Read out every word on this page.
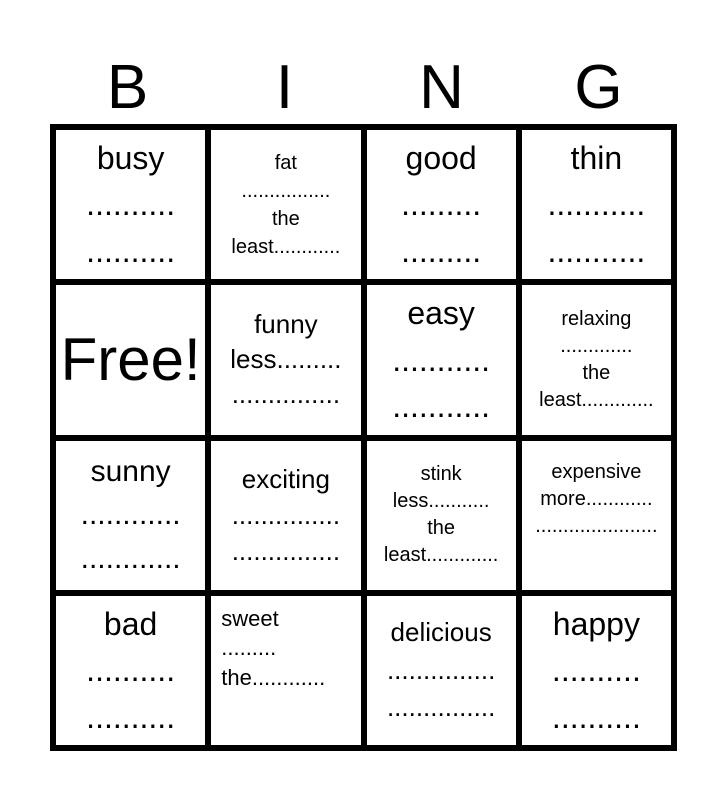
B	I	N	G
busy
..........
..........
fat
................
the
least............
good
.........
.........
thin
...........
...........
Free!
funny
less.........
...............
easy
...........
...........
relaxing
.............
the
least.............
sunny
............
............
exciting
...............
...............
stink
less...........
the
least.............
expensive
more............
......................
bad
..........
..........
sweet
.........
the............
delicious
...............
...............
happy
..........
..........
